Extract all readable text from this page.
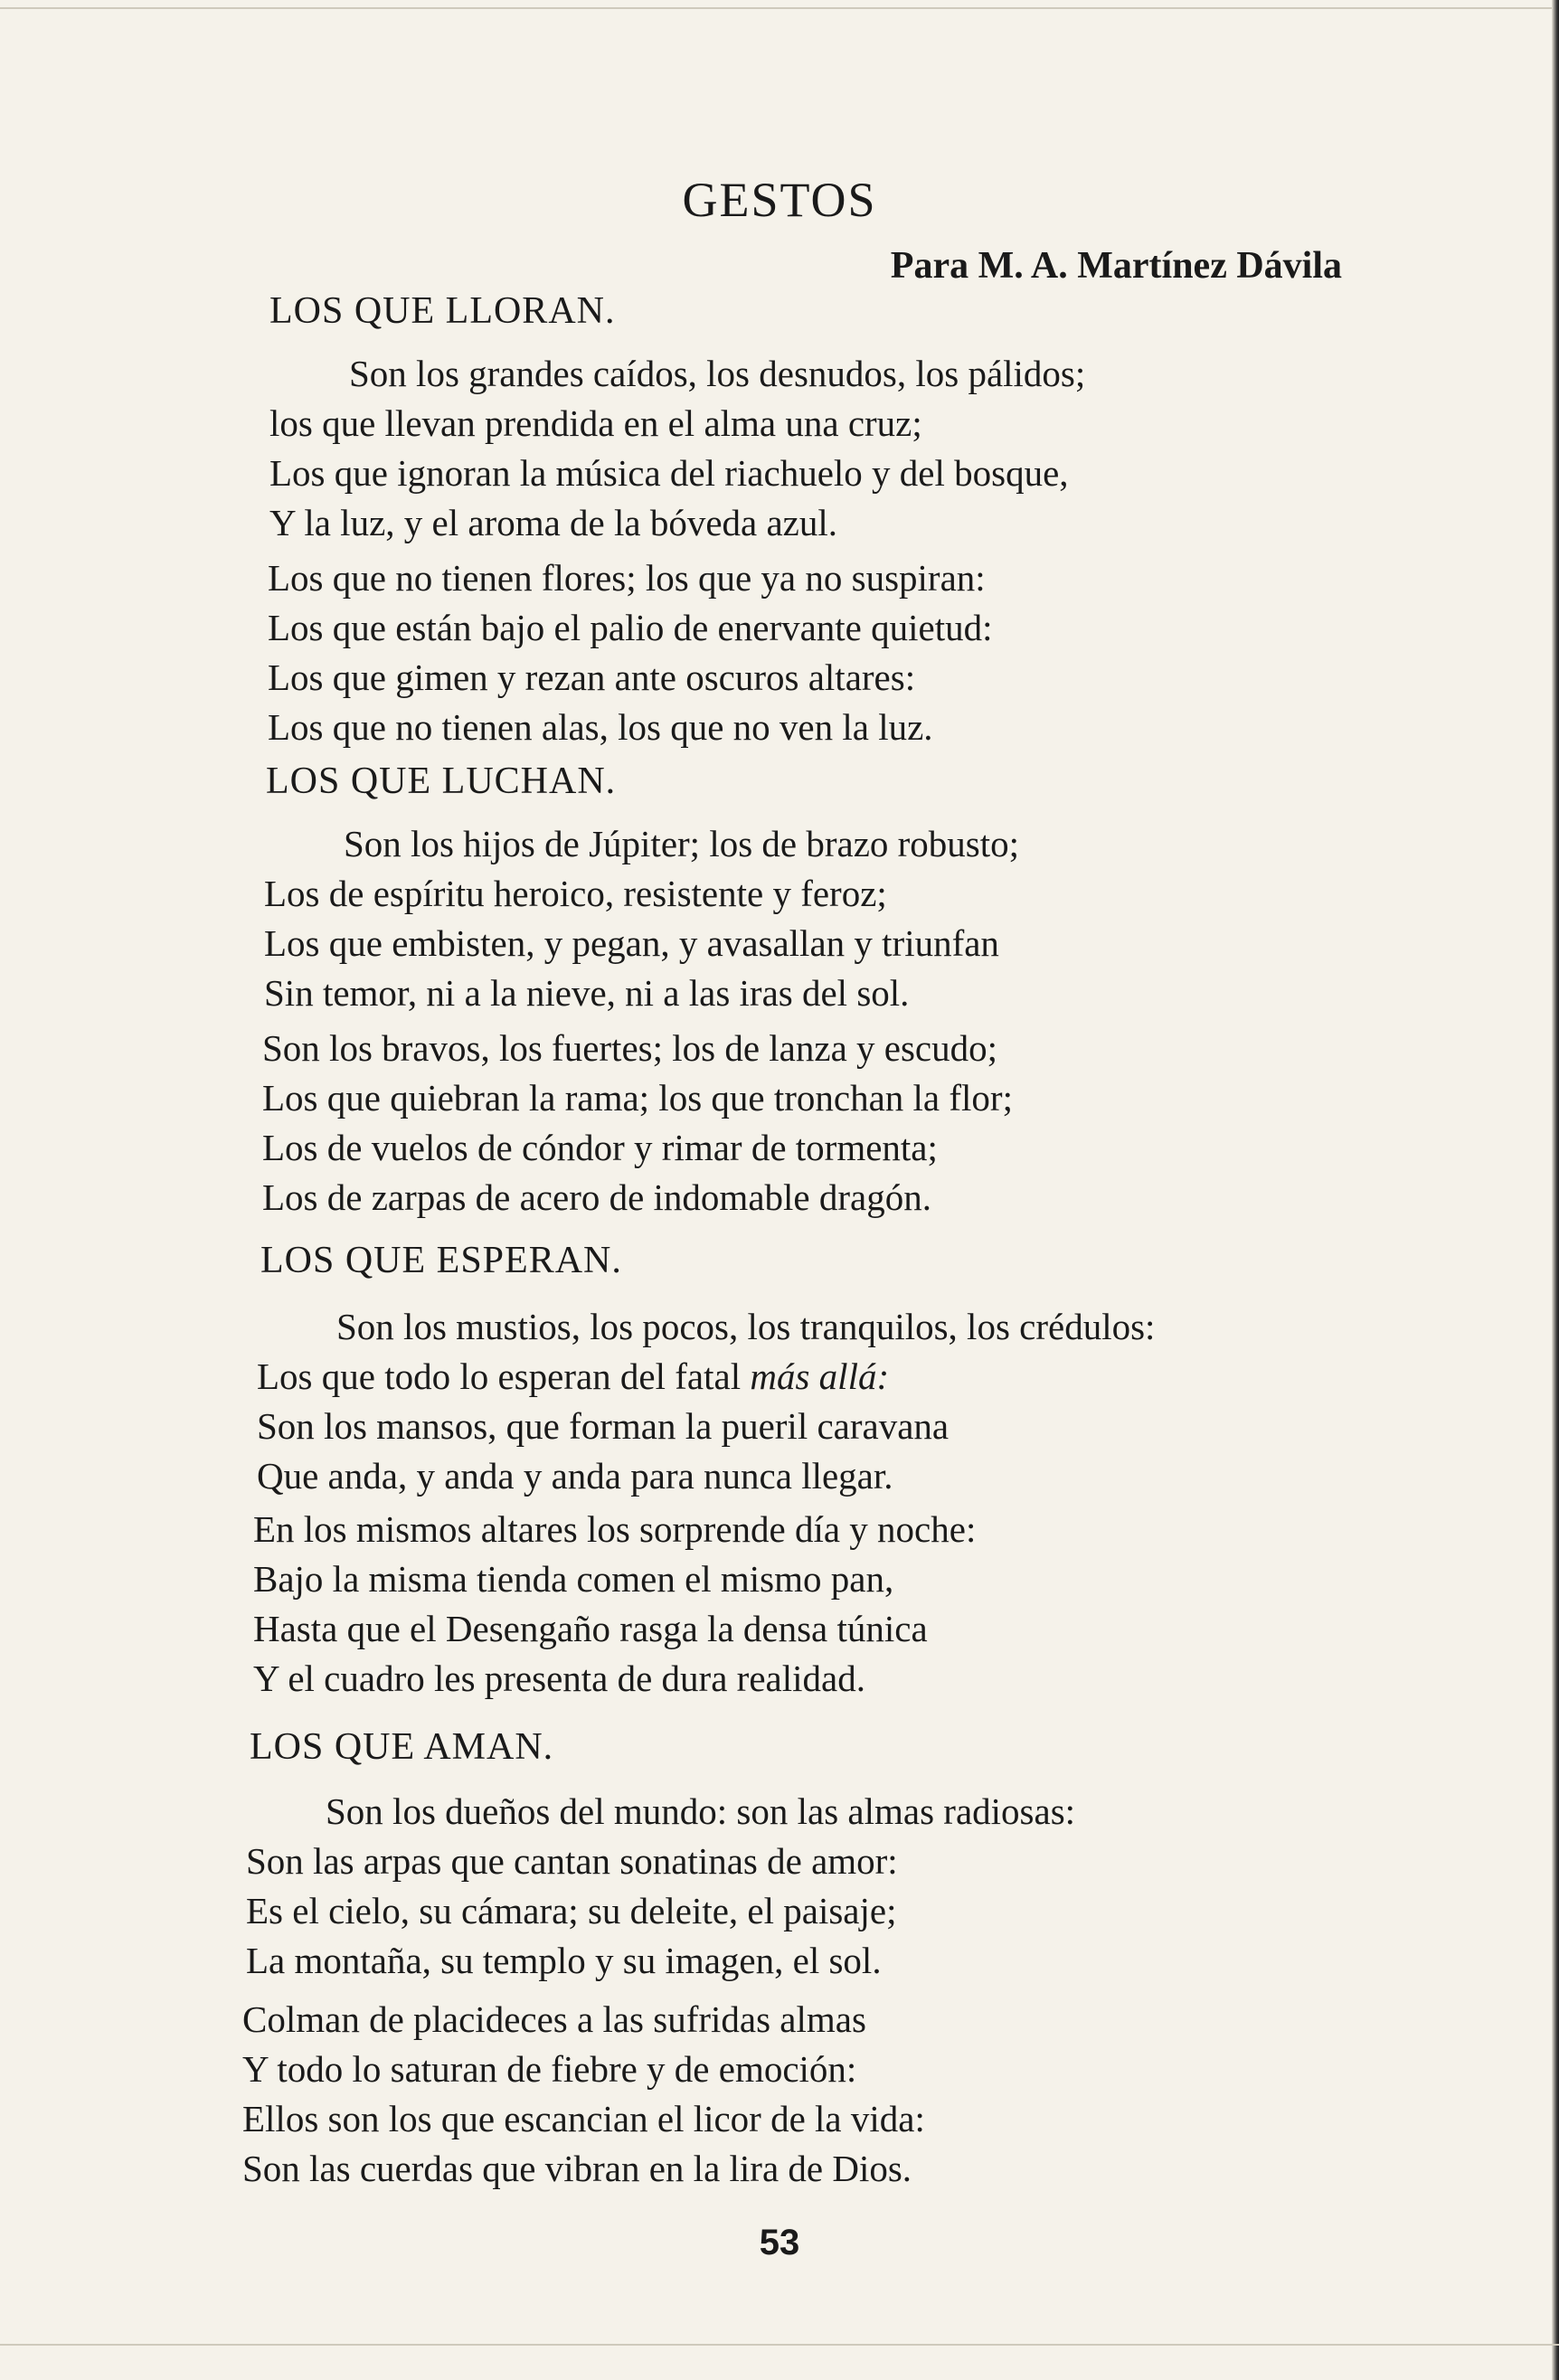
GESTOS

Para M. A. Martínez Dávila

LOS QUE LLORAN.

Son los grandes caídos, los desnudos, los pálidos;
los que llevan prendida en el alma una cruz;
Los que ignoran la música del riachuelo y del bosque,
Y la luz, y el aroma de la bóveda azul.

Los que no tienen flores; los que ya no suspiran:
Los que están bajo el palio de enervante quietud:
Los que gimen y rezan ante oscuros altares:
Los que no tienen alas, los que no ven la luz.

LOS QUE LUCHAN.

Son los hijos de Júpiter; los de brazo robusto;
Los de espíritu heroico, resistente y feroz;
Los que embisten, y pegan, y avasallan y triunfan
Sin temor, ni a la nieve, ni a las iras del sol.

Son los bravos, los fuertes; los de lanza y escudo;
Los que quiebran la rama; los que tronchan la flor;
Los de vuelos de cóndor y rimar de tormenta;
Los de zarpas de acero de indomable dragón.

LOS QUE ESPERAN.

Son los mustios, los pocos, los tranquilos, los crédulos:
Los que todo lo esperan del fatal más allá:
Son los mansos, que forman la pueril caravana
Que anda, y anda y anda para nunca llegar.

En los mismos altares los sorprende día y noche:
Bajo la misma tienda comen el mismo pan,
Hasta que el Desengaño rasga la densa túnica
Y el cuadro les presenta de dura realidad.

LOS QUE AMAN.

Son los dueños del mundo: son las almas radiosas:
Son las arpas que cantan sonatinas de amor:
Es el cielo, su cámara; su deleite, el paisaje;
La montaña, su templo y su imagen, el sol.

Colman de placideces a las sufridas almas
Y todo lo saturan de fiebre y de emoción:
Ellos son los que escancian el licor de la vida:
Son las cuerdas que vibran en la lira de Dios.

53
